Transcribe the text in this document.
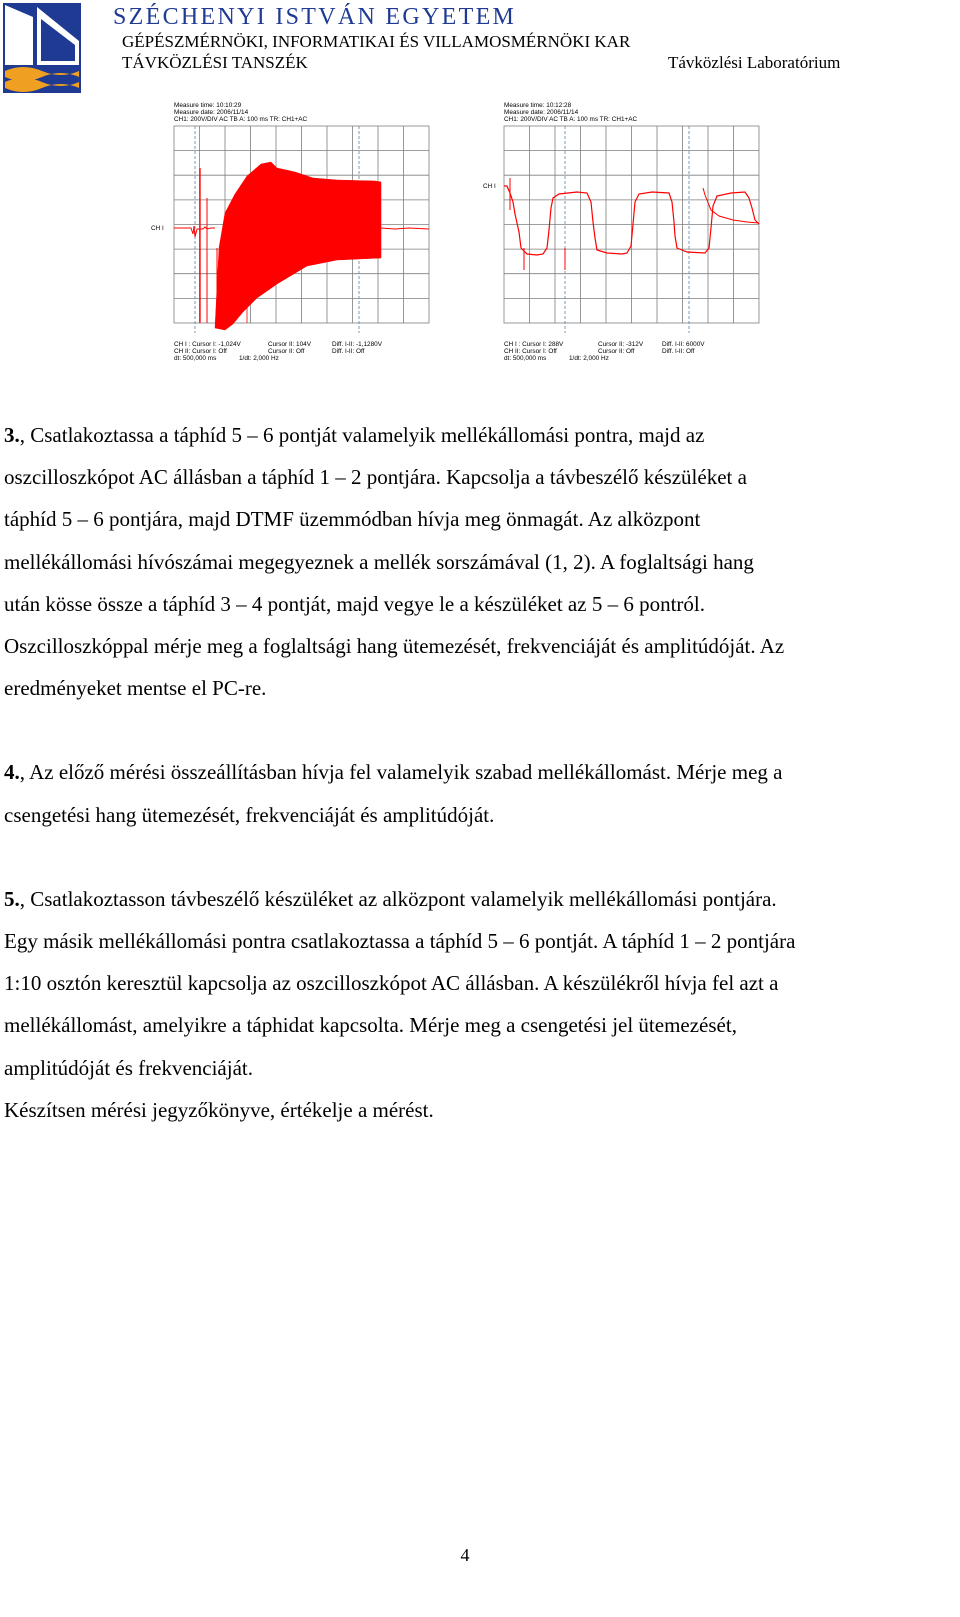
SZÉCHENYI ISTVÁN EGYETEM
GÉPÉSZMÉRNÖKI, INFORMATIKAI ÉS VILLAMOSMÉRNÖKI KAR
TÁVKÖZLÉSI TANSZÉK	Távközlési Laboratórium
Measure time: 10:10:29
Measure date: 2006/11/14
CH1: 200V/DIV AC TB A: 100 ms TR: CH1+AC
CH I
CH I : Cursor I: -1,024V	Cursor II: 104V	Diff. I-II: -1,1280V
CH II: Cursor I: Off	Cursor II: Off	Diff. I-II: Off
dt: 500,000 ms	1/dt: 2,000 Hz
Measure time: 10:12:28
Measure date: 2006/11/14
CH1: 200V/DIV AC TB A: 100 ms TR: CH1+AC
CH I
CH I : Cursor I: 288V	Cursor II: -312V	Diff. I-II: 6000V
CH II: Cursor I: Off	Cursor II: Off	Diff. I-II: Off
dt: 500,000 ms	1/dt: 2,000 Hz

3., Csatlakoztassa a táphíd 5 – 6 pontját valamelyik mellékállomási pontra, majd az

oszcilloszkópot AC állásban a táphíd 1 – 2 pontjára. Kapcsolja a távbeszélő készüléket a

táphíd 5 – 6 pontjára, majd DTMF üzemmódban hívja meg önmagát. Az alközpont

mellékállomási hívószámai megegyeznek a mellék sorszámával (1, 2). A foglaltsági hang

után kösse össze a táphíd 3 – 4 pontját, majd vegye le a készüléket az 5 – 6 pontról.

Oszcilloszkóppal mérje meg a foglaltsági hang ütemezését, frekvenciáját és amplitúdóját. Az

eredményeket mentse el PC-re.

4., Az előző mérési összeállításban hívja fel valamelyik szabad mellékállomást. Mérje meg a

csengetési hang ütemezését, frekvenciáját és amplitúdóját.

5., Csatlakoztasson távbeszélő készüléket az alközpont valamelyik mellékállomási pontjára.

Egy másik mellékállomási pontra csatlakoztassa a táphíd 5 – 6 pontját. A táphíd 1 – 2 pontjára

1:10 osztón keresztül kapcsolja az oszcilloszkópot AC állásban. A készülékről hívja fel azt a

mellékállomást, amelyikre a táphidat kapcsolta. Mérje meg a csengetési jel ütemezését,

amplitúdóját és frekvenciáját.

Készítsen mérési jegyzőkönyve, értékelje a mérést.

4
